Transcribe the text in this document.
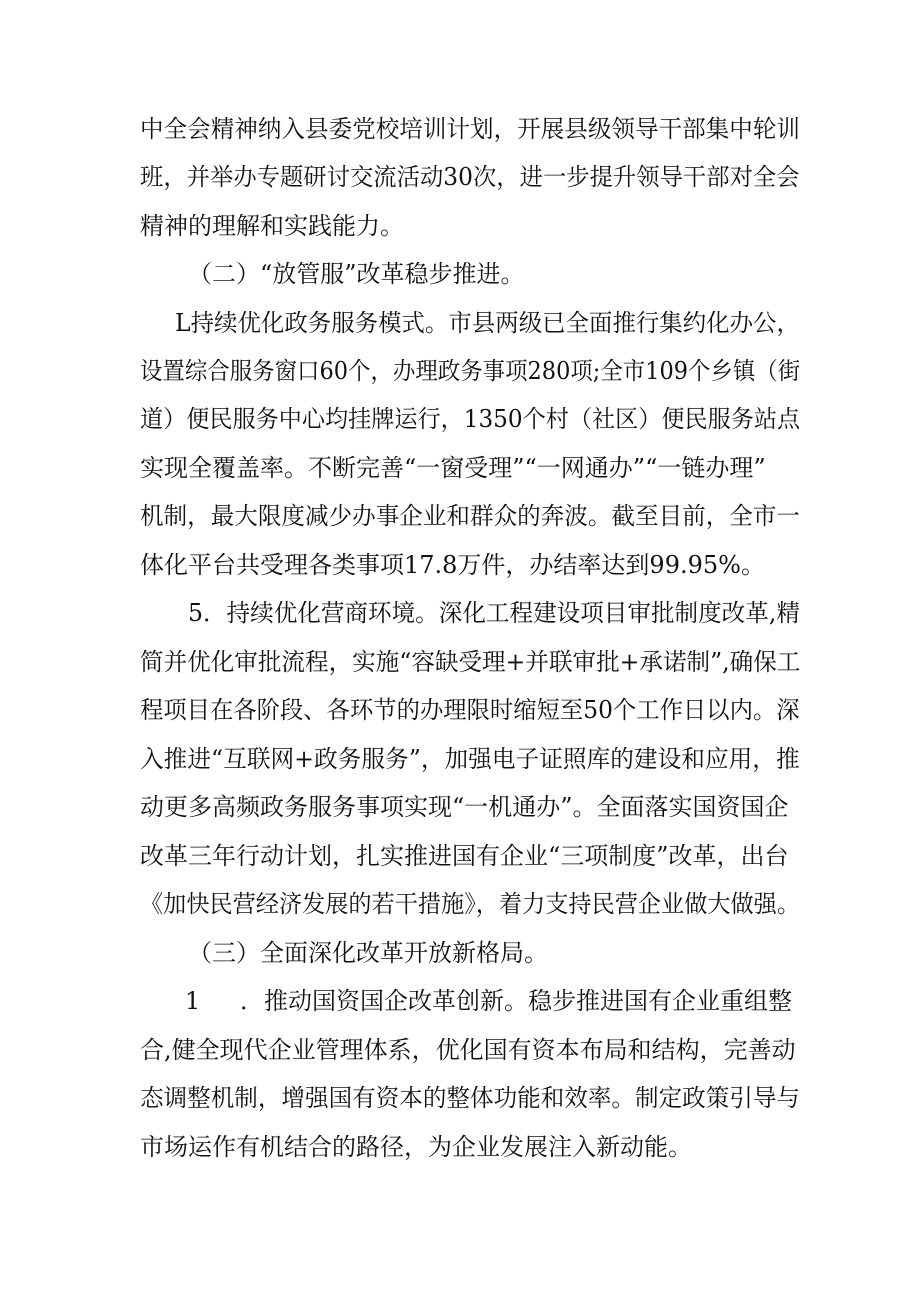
中全会精神纳入县委党校培训计划，开展县级领导干部集中轮训
班，并举办专题研讨交流活动30次，进一步提升领导干部对全会
精神的理解和实践能力。
（二）“放管服”改革稳步推进。
L持续优化政务服务模式。市县两级已全面推行集约化办公，
设置综合服务窗口60个，办理政务事项280项;全市109个乡镇（街
道）便民服务中心均挂牌运行，1350个村（社区）便民服务站点
实现全覆盖率。不断完善“一窗受理”“一网通办”“一链办理”
机制，最大限度减少办事企业和群众的奔波。截至目前，全市一
体化平台共受理各类事项17.8万件，办结率达到99.95%。
5．持续优化营商环境。深化工程建设项目审批制度改革,精
简并优化审批流程，实施“容缺受理+并联审批+承诺制”,确保工
程项目在各阶段、各环节的办理限时缩短至50个工作日以内。深
入推进“互联网+政务服务”，加强电子证照库的建设和应用，推
动更多高频政务服务事项实现“一机通办”。全面落实国资国企
改革三年行动计划，扎实推进国有企业“三项制度”改革，出台
《加快民营经济发展的若干措施》，着力支持民营企业做大做强。
（三）全面深化改革开放新格局。
1 ．推动国资国企改革创新。稳步推进国有企业重组整
合,健全现代企业管理体系，优化国有资本布局和结构，完善动
态调整机制，增强国有资本的整体功能和效率。制定政策引导与
市场运作有机结合的路径，为企业发展注入新动能。
